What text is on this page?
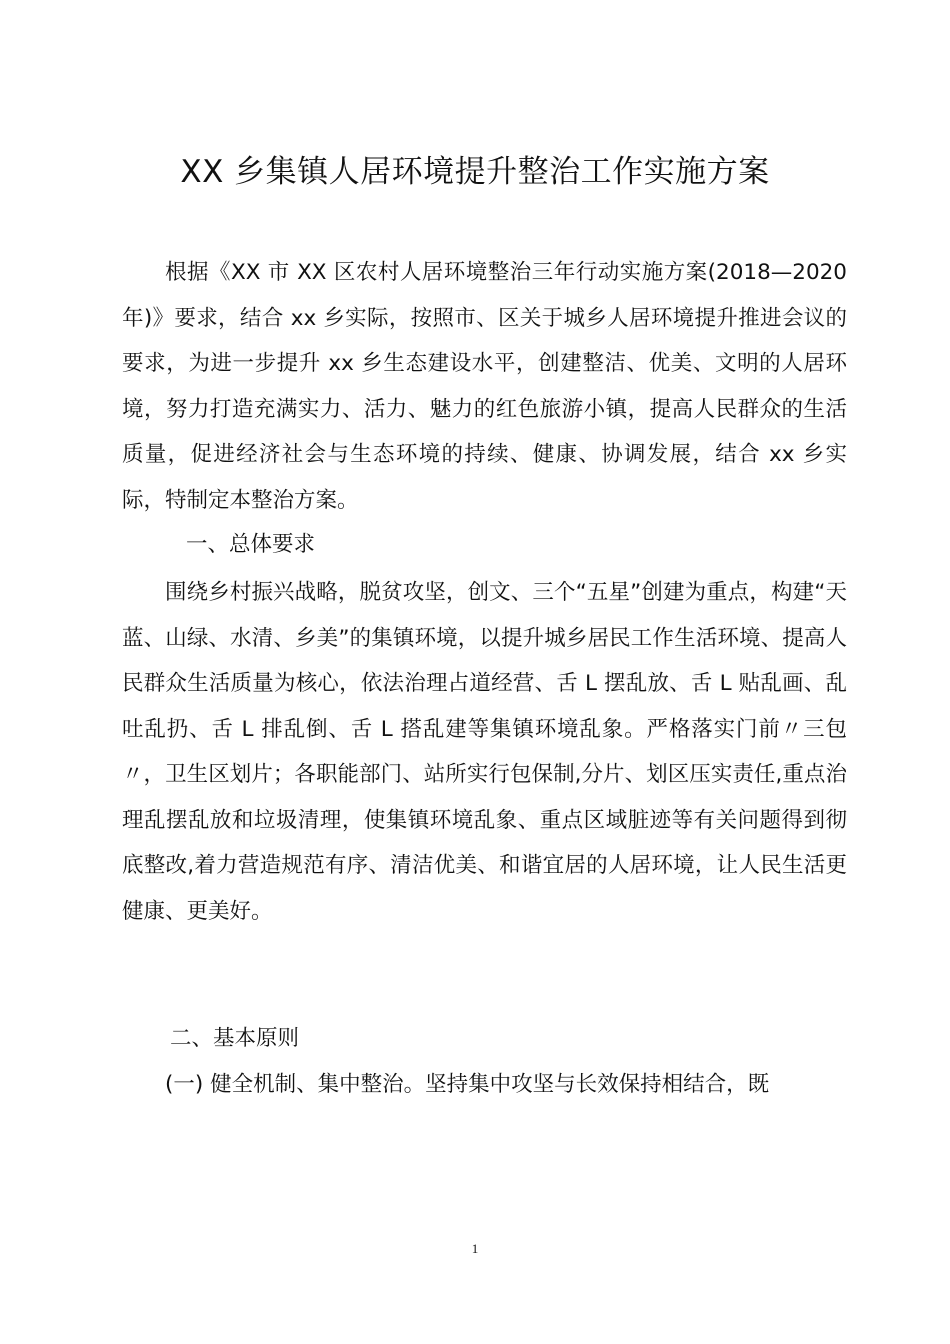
XX 乡集镇人居环境提升整治工作实施方案

根据《XX 市 XX 区农村人居环境整治三年行动实施方案(2018—2020 年)》要求，结合 xx 乡实际，按照市、区关于城乡人居环境提升推进会议的要求，为进一步提升 xx 乡生态建设水平，创建整洁、优美、文明的人居环境，努力打造充满实力、活力、魅力的红色旅游小镇，提高人民群众的生活质量，促进经济社会与生态环境的持续、健康、协调发展，结合 xx 乡实际，特制定本整治方案。

一、总体要求

围绕乡村振兴战略，脱贫攻坚，创文、三个“五星”创建为重点，构建“天蓝、山绿、水清、乡美”的集镇环境，以提升城乡居民工作生活环境、提高人民群众生活质量为核心，依法治理占道经营、舌 L 摆乱放、舌 L 贴乱画、乱吐乱扔、舌 L 排乱倒、舌 L 搭乱建等集镇环境乱象。严格落实门前〃三包〃，卫生区划片；各职能部门、站所实行包保制,分片、划区压实责任,重点治理乱摆乱放和垃圾清理，使集镇环境乱象、重点区域脏迹等有关问题得到彻底整改,着力营造规范有序、清洁优美、和谐宜居的人居环境，让人民生活更健康、更美好。

二、基本原则

(一) 健全机制、集中整治。坚持集中攻坚与长效保持相结合，既

1
